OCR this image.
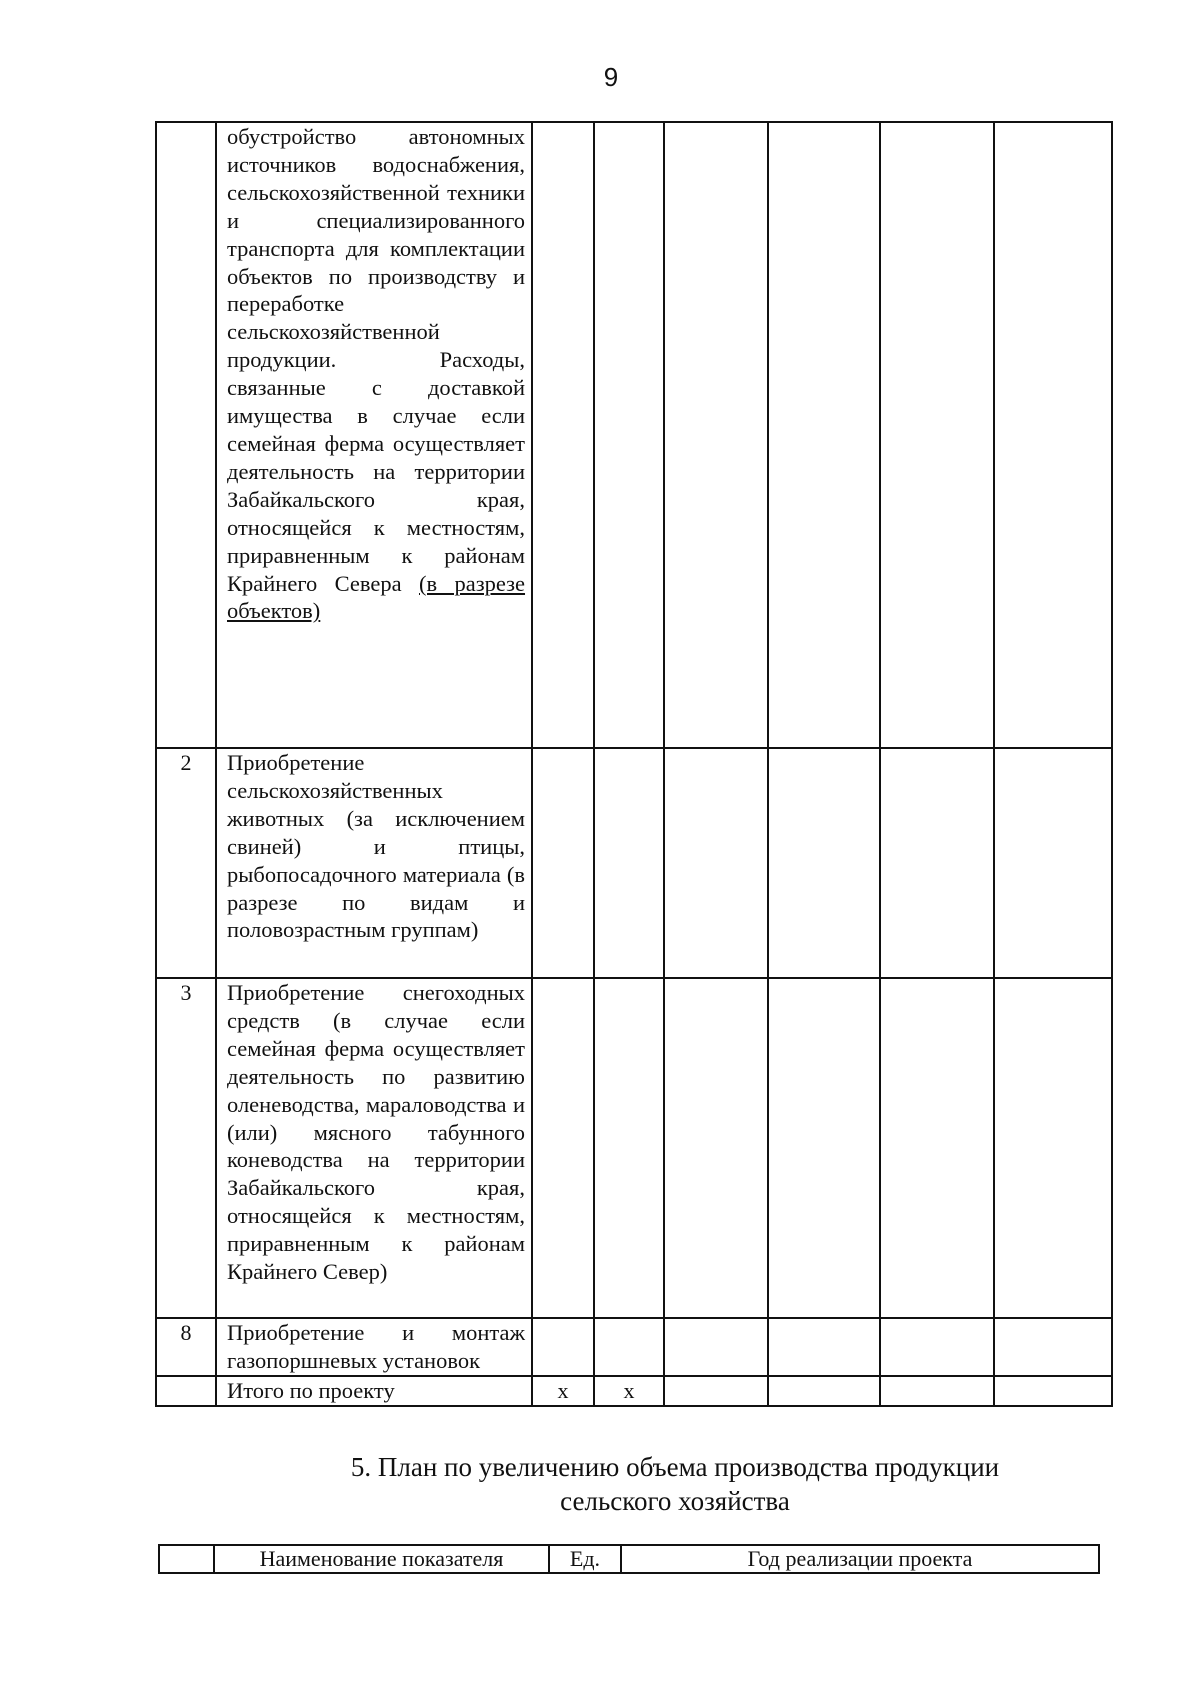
9
	обустройство автономных источников водоснабжения, сельскохозяйственной техники и специализированного транспорта для комплектации объектов по производству и переработке сельскохозяйственной продукции. Расходы, связанные с доставкой имущества в случае если семейная ферма осуществляет деятельность на территории Забайкальского края, относящейся к местностям, приравненным к районам Крайнего Севера (в разрезе объектов)						
2	Приобретение сельскохозяйственных животных (за исключением свиней) и птицы, рыбопосадочного материала (в разрезе по видам и половозрастным группам)						
3	Приобретение снегоходных средств (в случае если семейная ферма осуществляет деятельность по развитию оленеводства, мараловодства и (или) мясного табунного коневодства на территории Забайкальского края, относящейся к местностям, приравненным к районам Крайнего Север)						
8	Приобретение и монтаж газопоршневых установок						
	Итого по проекту	x	x				
5. План по увеличению объема производства продукции
сельского хозяйства
	Наименование показателя	Ед.	Год реализации проекта
